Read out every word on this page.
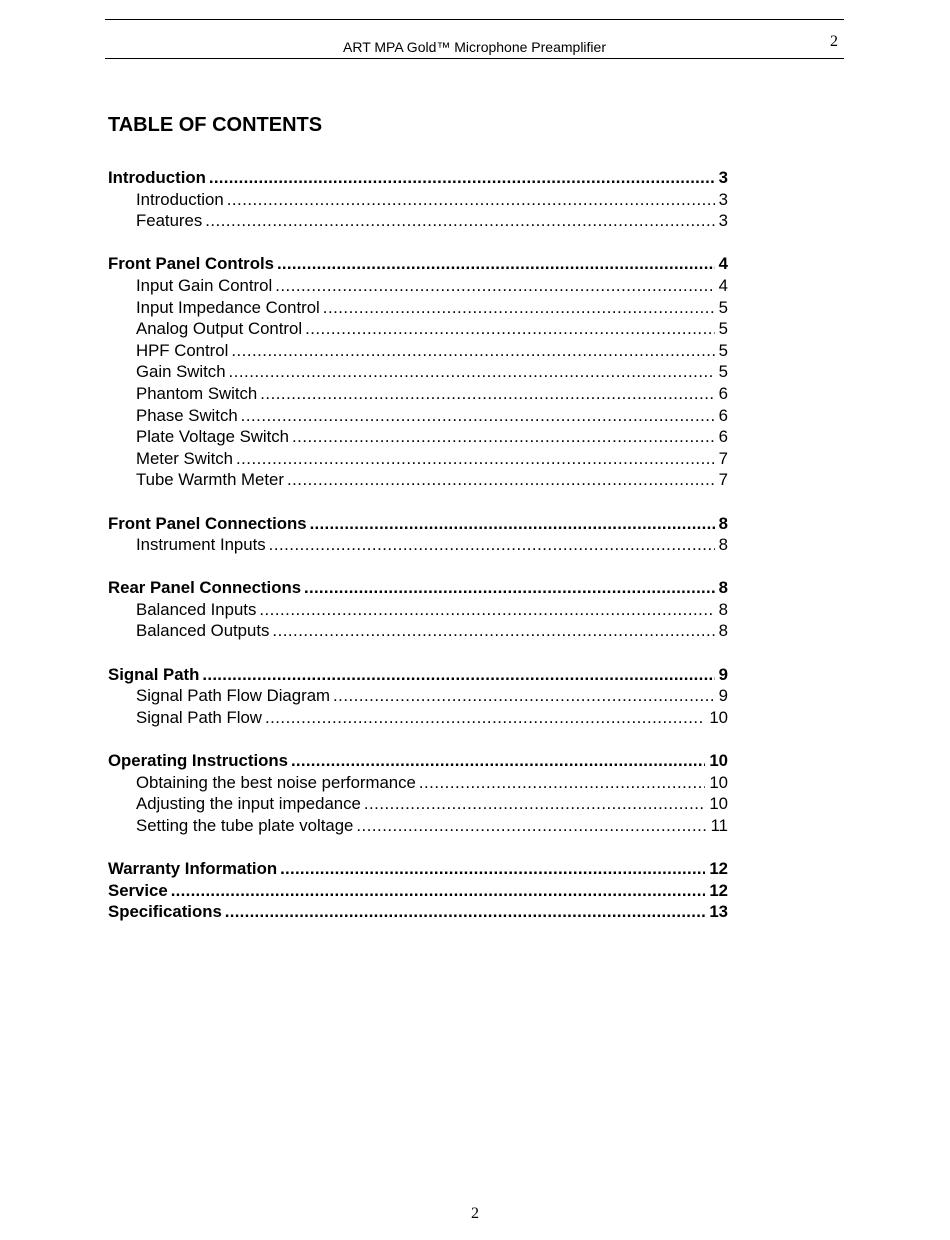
ART MPA Gold™ Microphone Preamplifier	2
TABLE OF CONTENTS
Introduction .....	3
Introduction .....	3
Features .....	3
Front Panel Controls .....	4
Input Gain Control .....	4
Input Impedance Control .....	5
Analog Output Control .....	5
HPF Control .....	5
Gain Switch .....	5
Phantom Switch .....	6
Phase Switch .....	6
Plate Voltage Switch .....	6
Meter Switch .....	7
Tube Warmth Meter .....	7
Front Panel Connections .....	8
Instrument Inputs .....	8
Rear Panel Connections .....	8
Balanced Inputs .....	8
Balanced Outputs .....	8
Signal Path .....	9
Signal Path Flow Diagram .....	9
Signal Path Flow .....	10
Operating Instructions .....	10
Obtaining the best noise performance .....	10
Adjusting the input impedance .....	10
Setting the tube plate voltage .....	11
Warranty Information .....	12
Service .....	12
Specifications .....	13
2
